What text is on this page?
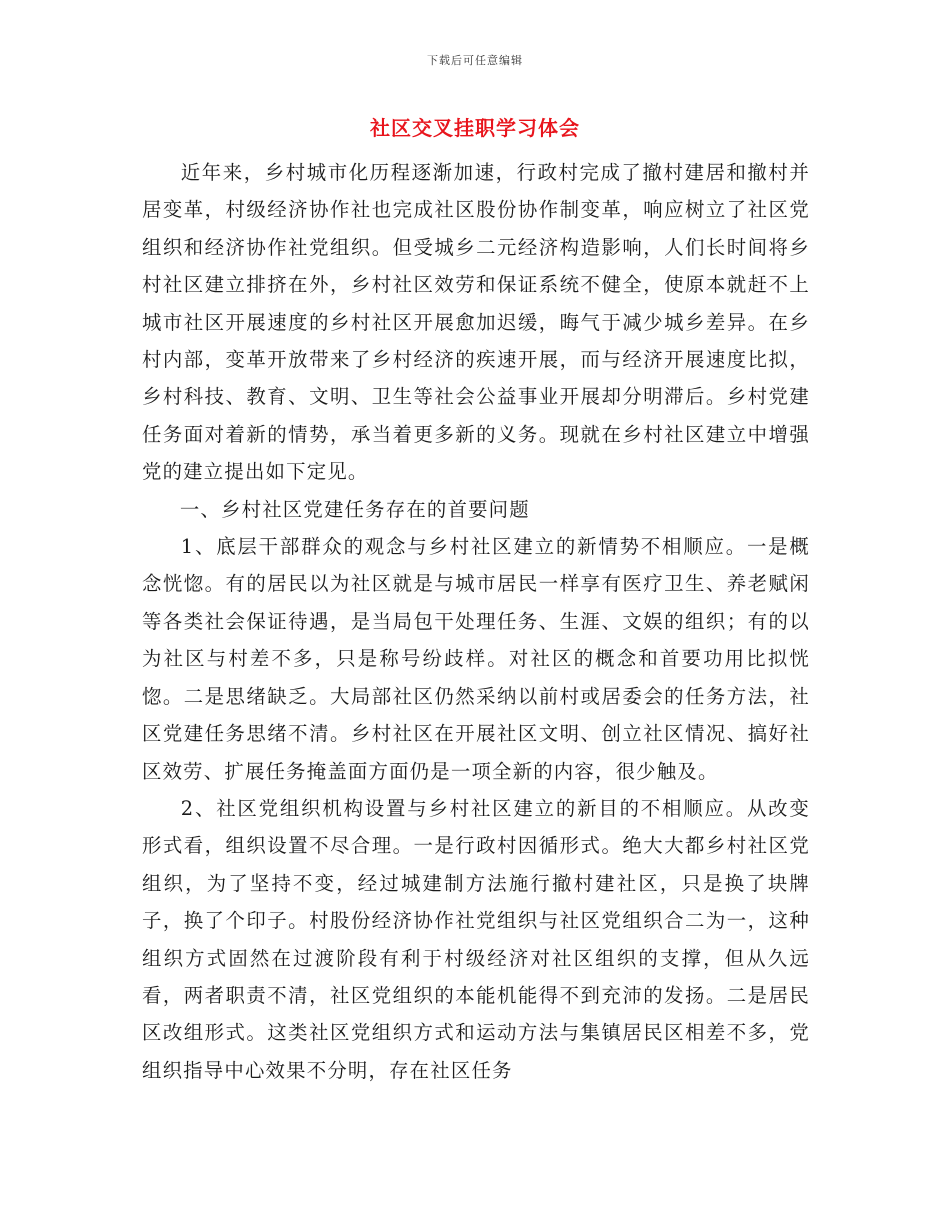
下载后可任意编辑
社区交叉挂职学习体会

近年来，乡村城市化历程逐渐加速，行政村完成了撤村建居和撤村并居变革，村级经济协作社也完成社区股份协作制变革，响应树立了社区党组织和经济协作社党组织。但受城乡二元经济构造影响，人们长时间将乡村社区建立排挤在外，乡村社区效劳和保证系统不健全，使原本就赶不上城市社区开展速度的乡村社区开展愈加迟缓，晦气于减少城乡差异。在乡村内部，变革开放带来了乡村经济的疾速开展，而与经济开展速度比拟，乡村科技、教育、文明、卫生等社会公益事业开展却分明滞后。乡村党建任务面对着新的情势，承当着更多新的义务。现就在乡村社区建立中增强党的建立提出如下定见。

一、乡村社区党建任务存在的首要问题

1、底层干部群众的观念与乡村社区建立的新情势不相顺应。一是概念恍惚。有的居民以为社区就是与城市居民一样享有医疗卫生、养老赋闲等各类社会保证待遇，是当局包干处理任务、生涯、文娱的组织；有的以为社区与村差不多，只是称号纷歧样。对社区的概念和首要功用比拟恍惚。二是思绪缺乏。大局部社区仍然采纳以前村或居委会的任务方法，社区党建任务思绪不清。乡村社区在开展社区文明、创立社区情况、搞好社区效劳、扩展任务掩盖面方面仍是一项全新的内容，很少触及。

2、社区党组织机构设置与乡村社区建立的新目的不相顺应。从改变形式看，组织设置不尽合理。一是行政村因循形式。绝大大都乡村社区党组织，为了坚持不变，经过城建制方法施行撤村建社区，只是换了块牌子，换了个印子。村股份经济协作社党组织与社区党组织合二为一，这种组织方式固然在过渡阶段有利于村级经济对社区组织的支撑，但从久远看，两者职责不清，社区党组织的本能机能得不到充沛的发扬。二是居民区改组形式。这类社区党组织方式和运动方法与集镇居民区相差不多，党组织指导中心效果不分明，存在社区任务
